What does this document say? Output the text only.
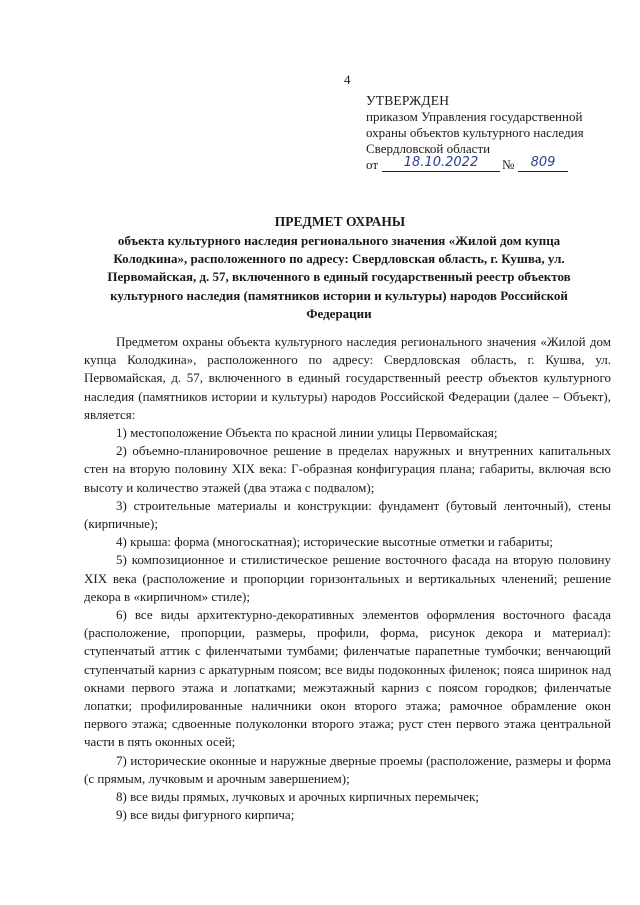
4
УТВЕРЖДЕН
приказом Управления государственной
охраны объектов культурного наследия
Свердловской области
от	18.10.2022	№	809
ПРЕДМЕТ ОХРАНЫ
объекта культурного наследия регионального значения «Жилой дом купца Колодкина», расположенного по адресу: Свердловская область, г. Кушва, ул. Первомайская, д. 57, включенного в единый государственный реестр объектов культурного наследия (памятников истории и культуры) народов Российской Федерации

Предметом охраны объекта культурного наследия регионального значения «Жилой дом купца Колодкина», расположенного по адресу: Свердловская область, г. Кушва, ул. Первомайская, д. 57, включенного в единый государственный реестр объектов культурного наследия (памятников истории и культуры) народов Российской Федерации (далее – Объект), является:

1) местоположение Объекта по красной линии улицы Первомайская;

2) объемно-планировочное решение в пределах наружных и внутренних капитальных стен на вторую половину XIX века: Г-образная конфигурация плана; габариты, включая всю высоту и количество этажей (два этажа с подвалом);

3) строительные материалы и конструкции: фундамент (бутовый ленточный), стены (кирпичные);

4) крыша: форма (многоскатная); исторические высотные отметки и габариты;

5) композиционное и стилистическое решение восточного фасада на вторую половину XIX века (расположение и пропорции горизонтальных и вертикальных членений; решение декора в «кирпичном» стиле);

6) все виды архитектурно-декоративных элементов оформления восточного фасада (расположение, пропорции, размеры, профили, форма, рисунок декора и материал): ступенчатый аттик с филенчатыми тумбами; филенчатые парапетные тумбочки; венчающий ступенчатый карниз с аркатурным поясом; все виды подоконных филенок; пояса ширинок над окнами первого этажа и лопатками; межэтажный карниз с поясом городков; филенчатые лопатки; профилированные наличники окон второго этажа; рамочное обрамление окон первого этажа; сдвоенные полуколонки второго этажа; руст стен первого этажа центральной части в пять оконных осей;

7) исторические оконные и наружные дверные проемы (расположение, размеры и форма (с прямым, лучковым и арочным завершением);

8) все виды прямых, лучковых и арочных кирпичных перемычек;

9) все виды фигурного кирпича;
